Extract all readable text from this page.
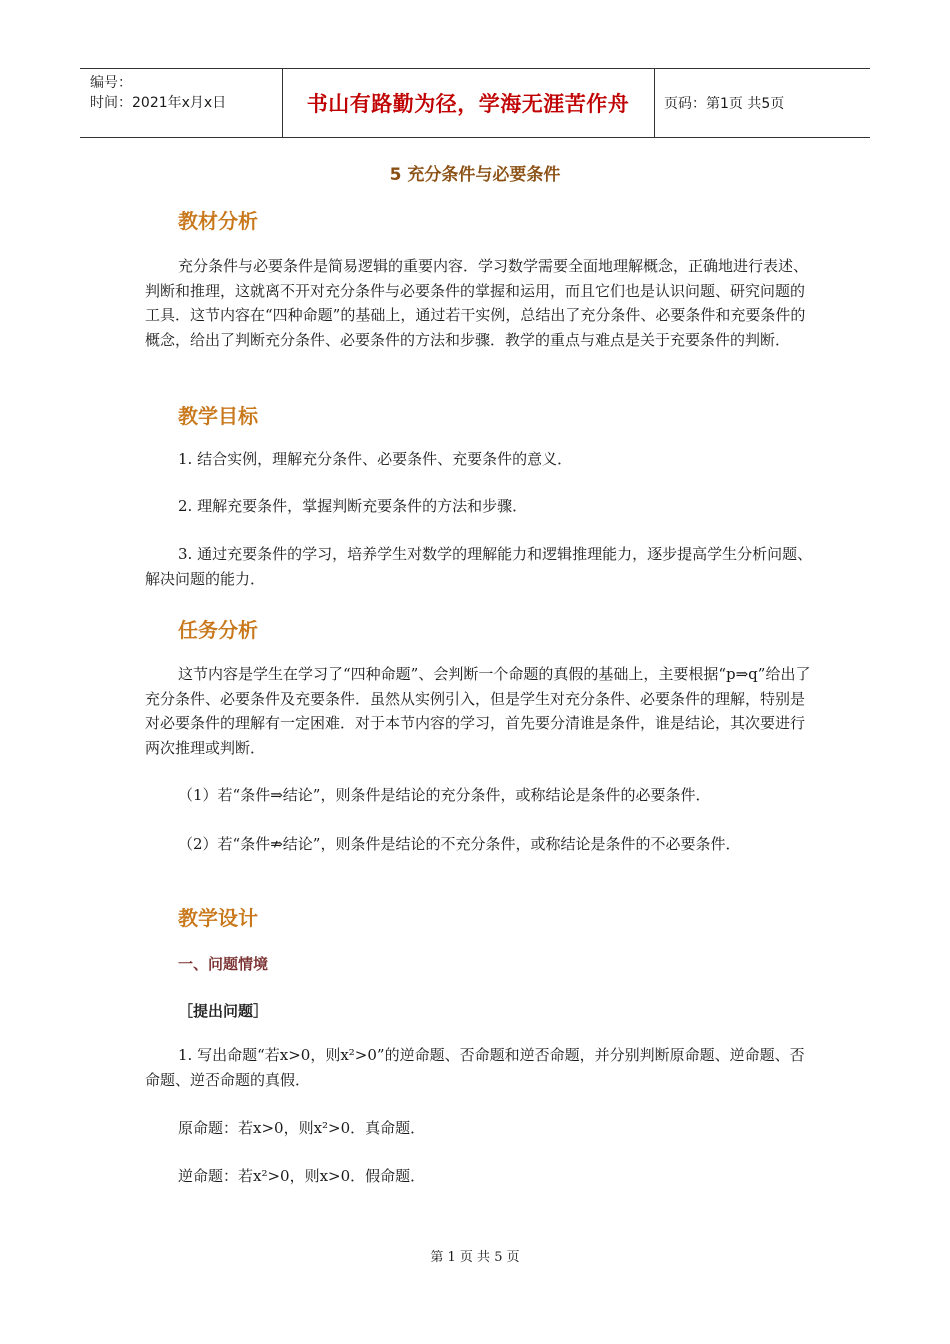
编号：
时间：2021年x月x日	书山有路勤为径，学海无涯苦作舟	页码：第1页 共5页
5 充分条件与必要条件
教材分析

充分条件与必要条件是简易逻辑的重要内容．学习数学需要全面地理解概念，正确地进行表述、判断和推理，这就离不开对充分条件与必要条件的掌握和运用，而且它们也是认识问题、研究问题的工具．这节内容在“四种命题”的基础上，通过若干实例，总结出了充分条件、必要条件和充要条件的概念，给出了判断充分条件、必要条件的方法和步骤．教学的重点与难点是关于充要条件的判断．

教学目标

1. 结合实例，理解充分条件、必要条件、充要条件的意义．

2. 理解充要条件，掌握判断充要条件的方法和步骤．

3. 通过充要条件的学习，培养学生对数学的理解能力和逻辑推理能力，逐步提高学生分析问题、解决问题的能力．

任务分析

这节内容是学生在学习了“四种命题”、会判断一个命题的真假的基础上，主要根据“p⇒q”给出了充分条件、必要条件及充要条件．虽然从实例引入，但是学生对充分条件、必要条件的理解，特别是对必要条件的理解有一定困难．对于本节内容的学习，首先要分清谁是条件，谁是结论，其次要进行两次推理或判断．

（1）若“条件⇒结论”，则条件是结论的充分条件，或称结论是条件的必要条件．

（2）若“条件⇏结论”，则条件是结论的不充分条件，或称结论是条件的不必要条件．

教学设计
一、问题情境
［提出问题］

1. 写出命题“若x>0，则x²>0”的逆命题、否命题和逆否命题，并分别判断原命题、逆命题、否命题、逆否命题的真假．

原命题：若x>0，则x²>0．真命题．

逆命题：若x²>0，则x>0．假命题．

第 1 页 共 5 页
